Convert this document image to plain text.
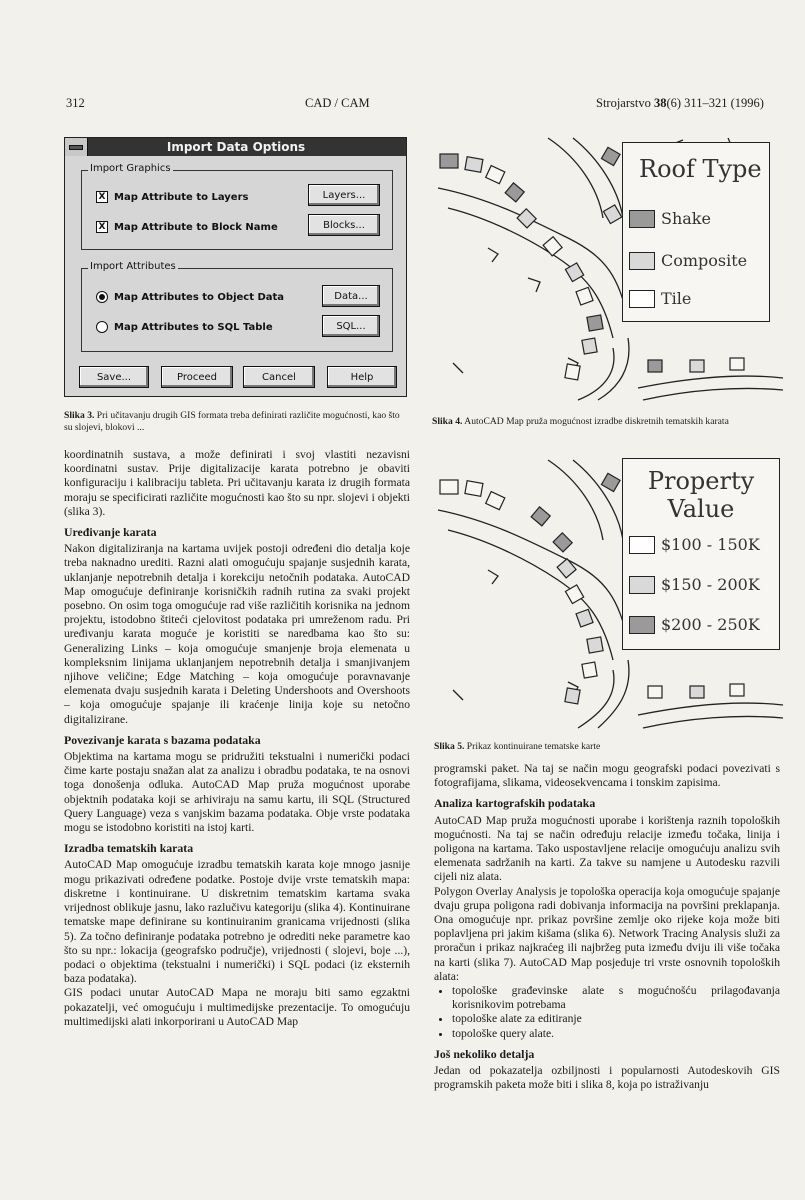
312	CAD / CAM	Strojarstvo 38(6) 311–321 (1996)
Import Data Options
Import Graphics
X Map Attribute to Layers
X Map Attribute to Block Name
Layers...
Blocks...
Import Attributes
Map Attributes to Object Data
Map Attributes to SQL Table
Data...
SQL...
Save...	Proceed	Cancel	Help
Slika 3. Pri učitavanju drugih GIS formata treba definirati različite mogućnosti, kao što su slojevi, blokovi ...
Roof Type
Shake
Composite
Tile
Slika 4. AutoCAD Map pruža mogućnost izradbe diskretnih tematskih karata
Property
Value
$100 - 150K
$150 - 200K
$200 - 250K
Slika 5. Prikaz kontinuirane tematske karte

koordinatnih sustava, a može definirati i svoj vlastiti nezavisni koordinatni sustav. Prije digitalizacije karata potrebno je obaviti konfiguraciju i kalibraciju tableta. Pri učitavanju karata iz drugih formata moraju se specificirati različite mogućnosti kao što su npr. slojevi i objekti (slika 3).

Uređivanje karata

Nakon digitaliziranja na kartama uvijek postoji određeni dio detalja koje treba naknadno urediti. Razni alati omogućuju spajanje susjednih karata, uklanjanje nepotrebnih detalja i korekciju netočnih podataka. AutoCAD Map omogućuje definiranje korisničkih radnih rutina za svaki projekt posebno. On osim toga omogućuje rad više različitih korisnika na jednom projektu, istodobno štiteći cjelovitost podataka pri umreženom radu. Pri uređivanju karata moguće je koristiti se naredbama kao što su: Generalizing Links – koja omogućuje smanjenje broja elemenata u kompleksnim linijama uklanjanjem nepotrebnih detalja i smanjivanjem njihove veličine; Edge Matching – koja omogućuje poravnavanje elemenata dvaju susjednih karata i Deleting Undershoots and Overshoots – koja omogućuje spajanje ili kraćenje linija koje su netočno digitalizirane.

Povezivanje karata s bazama podataka

Objektima na kartama mogu se pridružiti tekstualni i numerički podaci čime karte postaju snažan alat za analizu i obradbu podataka, te na osnovi toga donošenja odluka. AutoCAD Map pruža mogućnost uporabe objektnih podataka koji se arhiviraju na samu kartu, ili SQL (Structured Query Language) veza s vanjskim bazama podataka. Obje vrste podataka mogu se istodobno koristiti na istoj karti.

Izradba tematskih karata

AutoCAD Map omogućuje izradbu tematskih karata koje mnogo jasnije mogu prikazivati određene podatke. Postoje dvije vrste tematskih mapa: diskretne i kontinuirane. U diskretnim tematskim kartama svaka vrijednost oblikuje jasnu, lako razlučivu kategoriju (slika 4). Kontinuirane tematske mape definirane su kontinuiranim granicama vrijednosti (slika 5). Za točno definiranje podataka potrebno je odrediti neke parametre kao što su npr.: lokacija (geografsko područje), vrijednosti ( slojevi, boje ...), podaci o objektima (tekstualni i numerički) i SQL podaci (iz eksternih baza podataka).

GIS podaci unutar AutoCAD Mapa ne moraju biti samo egzaktni pokazatelji, već omogućuju i multimedijske prezentacije. To omogućuju multimedijski alati inkorporirani u AutoCAD Map

programski paket. Na taj se način mogu geografski podaci povezivati s fotografijama, slikama, videosekvencama i tonskim zapisima.

Analiza kartografskih podataka

AutoCAD Map pruža mogućnosti uporabe i korištenja raznih topoloških mogućnosti. Na taj se način određuju relacije između točaka, linija i poligona na kartama. Tako uspostavljene relacije omogućuju analizu svih elemenata sadržanih na karti. Za takve su namjene u Autodesku razvili cijeli niz alata.

Polygon Overlay Analysis je topološka operacija koja omogućuje spajanje dvaju grupa poligona radi dobivanja informacija na površini preklapanja. Ona omogućuje npr. prikaz površine zemlje oko rijeke koja može biti poplavljena pri jakim kišama (slika 6). Network Tracing Analysis služi za proračun i prikaz najkraćeg ili najbržeg puta između dviju ili više točaka na karti (slika 7). AutoCAD Map posjeduje tri vrste osnovnih topoloških alata:

• topološke građevinske alate s mogućnošću prilagođavanja korisnikovim potrebama
• topološke alate za editiranje
• topološke query alate.
Još nekoliko detalja

Jedan od pokazatelja ozbiljnosti i popularnosti Autodeskovih GIS programskih paketa može biti i slika 8, koja po istraživanju
